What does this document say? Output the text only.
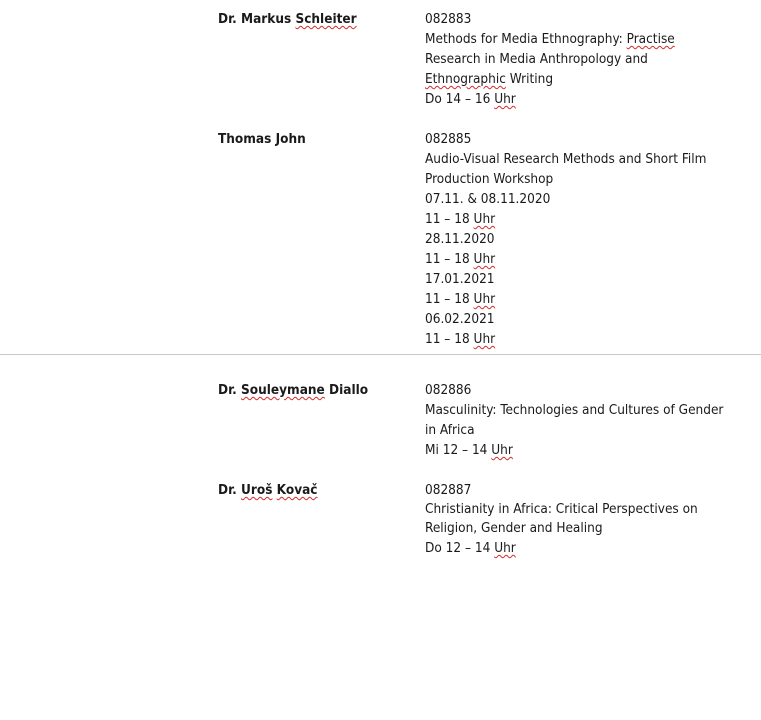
Dr. Markus Schleiter	082883
Methods for Media Ethnography: Practise Research in Media Anthropology and Ethnographic Writing
Do 14 – 16 Uhr
Thomas John	082885
Audio-Visual Research Methods and Short Film Production Workshop
07.11. & 08.11.2020
11 – 18 Uhr
28.11.2020
11 – 18 Uhr
17.01.2021
11 – 18 Uhr
06.02.2021
11 – 18 Uhr
Dr. Souleymane Diallo	082886
Masculinity: Technologies and Cultures of Gender in Africa
Mi 12 – 14 Uhr
Dr. Uroš Kovač	082887
Christianity in Africa: Critical Perspectives on Religion, Gender and Healing
Do 12 – 14 Uhr
